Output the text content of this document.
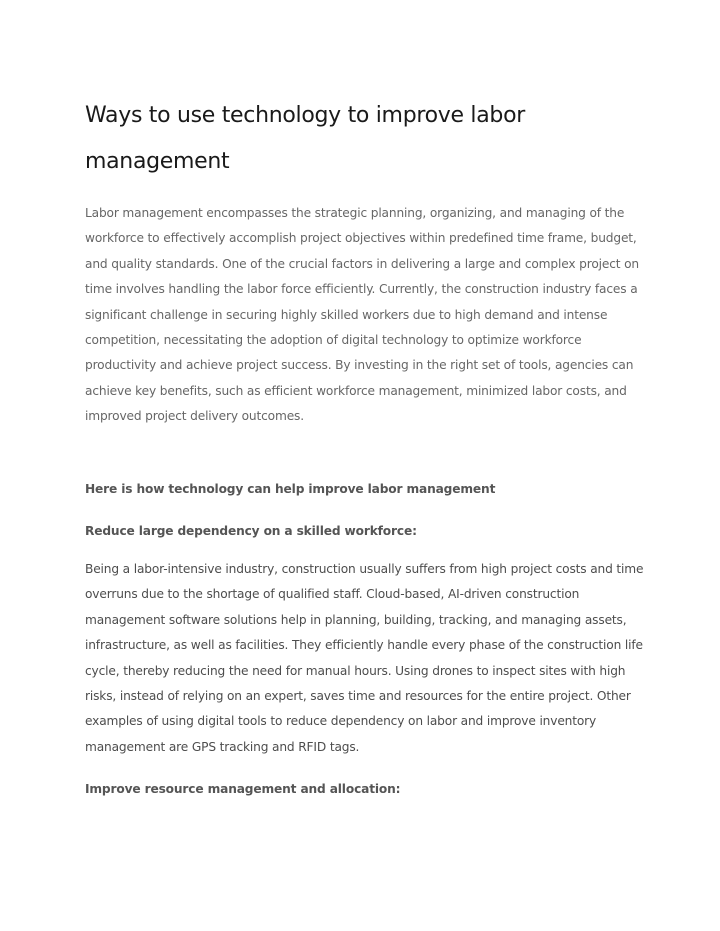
Ways to use technology to improve labor management

Labor management encompasses the strategic planning, organizing, and managing of the workforce to effectively accomplish project objectives within predefined time frame, budget, and quality standards. One of the crucial factors in delivering a large and complex project on time involves handling the labor force efficiently. Currently, the construction industry faces a significant challenge in securing highly skilled workers due to high demand and intense competition, necessitating the adoption of digital technology to optimize workforce productivity and achieve project success. By investing in the right set of tools, agencies can achieve key benefits, such as efficient workforce management, minimized labor costs, and improved project delivery outcomes.

Here is how technology can help improve labor management
Reduce large dependency on a skilled workforce:

Being a labor-intensive industry, construction usually suffers from high project costs and time overruns due to the shortage of qualified staff. Cloud-based, AI-driven construction management software solutions help in planning, building, tracking, and managing assets, infrastructure, as well as facilities. They efficiently handle every phase of the construction life cycle, thereby reducing the need for manual hours. Using drones to inspect sites with high risks, instead of relying on an expert, saves time and resources for the entire project. Other examples of using digital tools to reduce dependency on labor and improve inventory management are GPS tracking and RFID tags.

Improve resource management and allocation:
